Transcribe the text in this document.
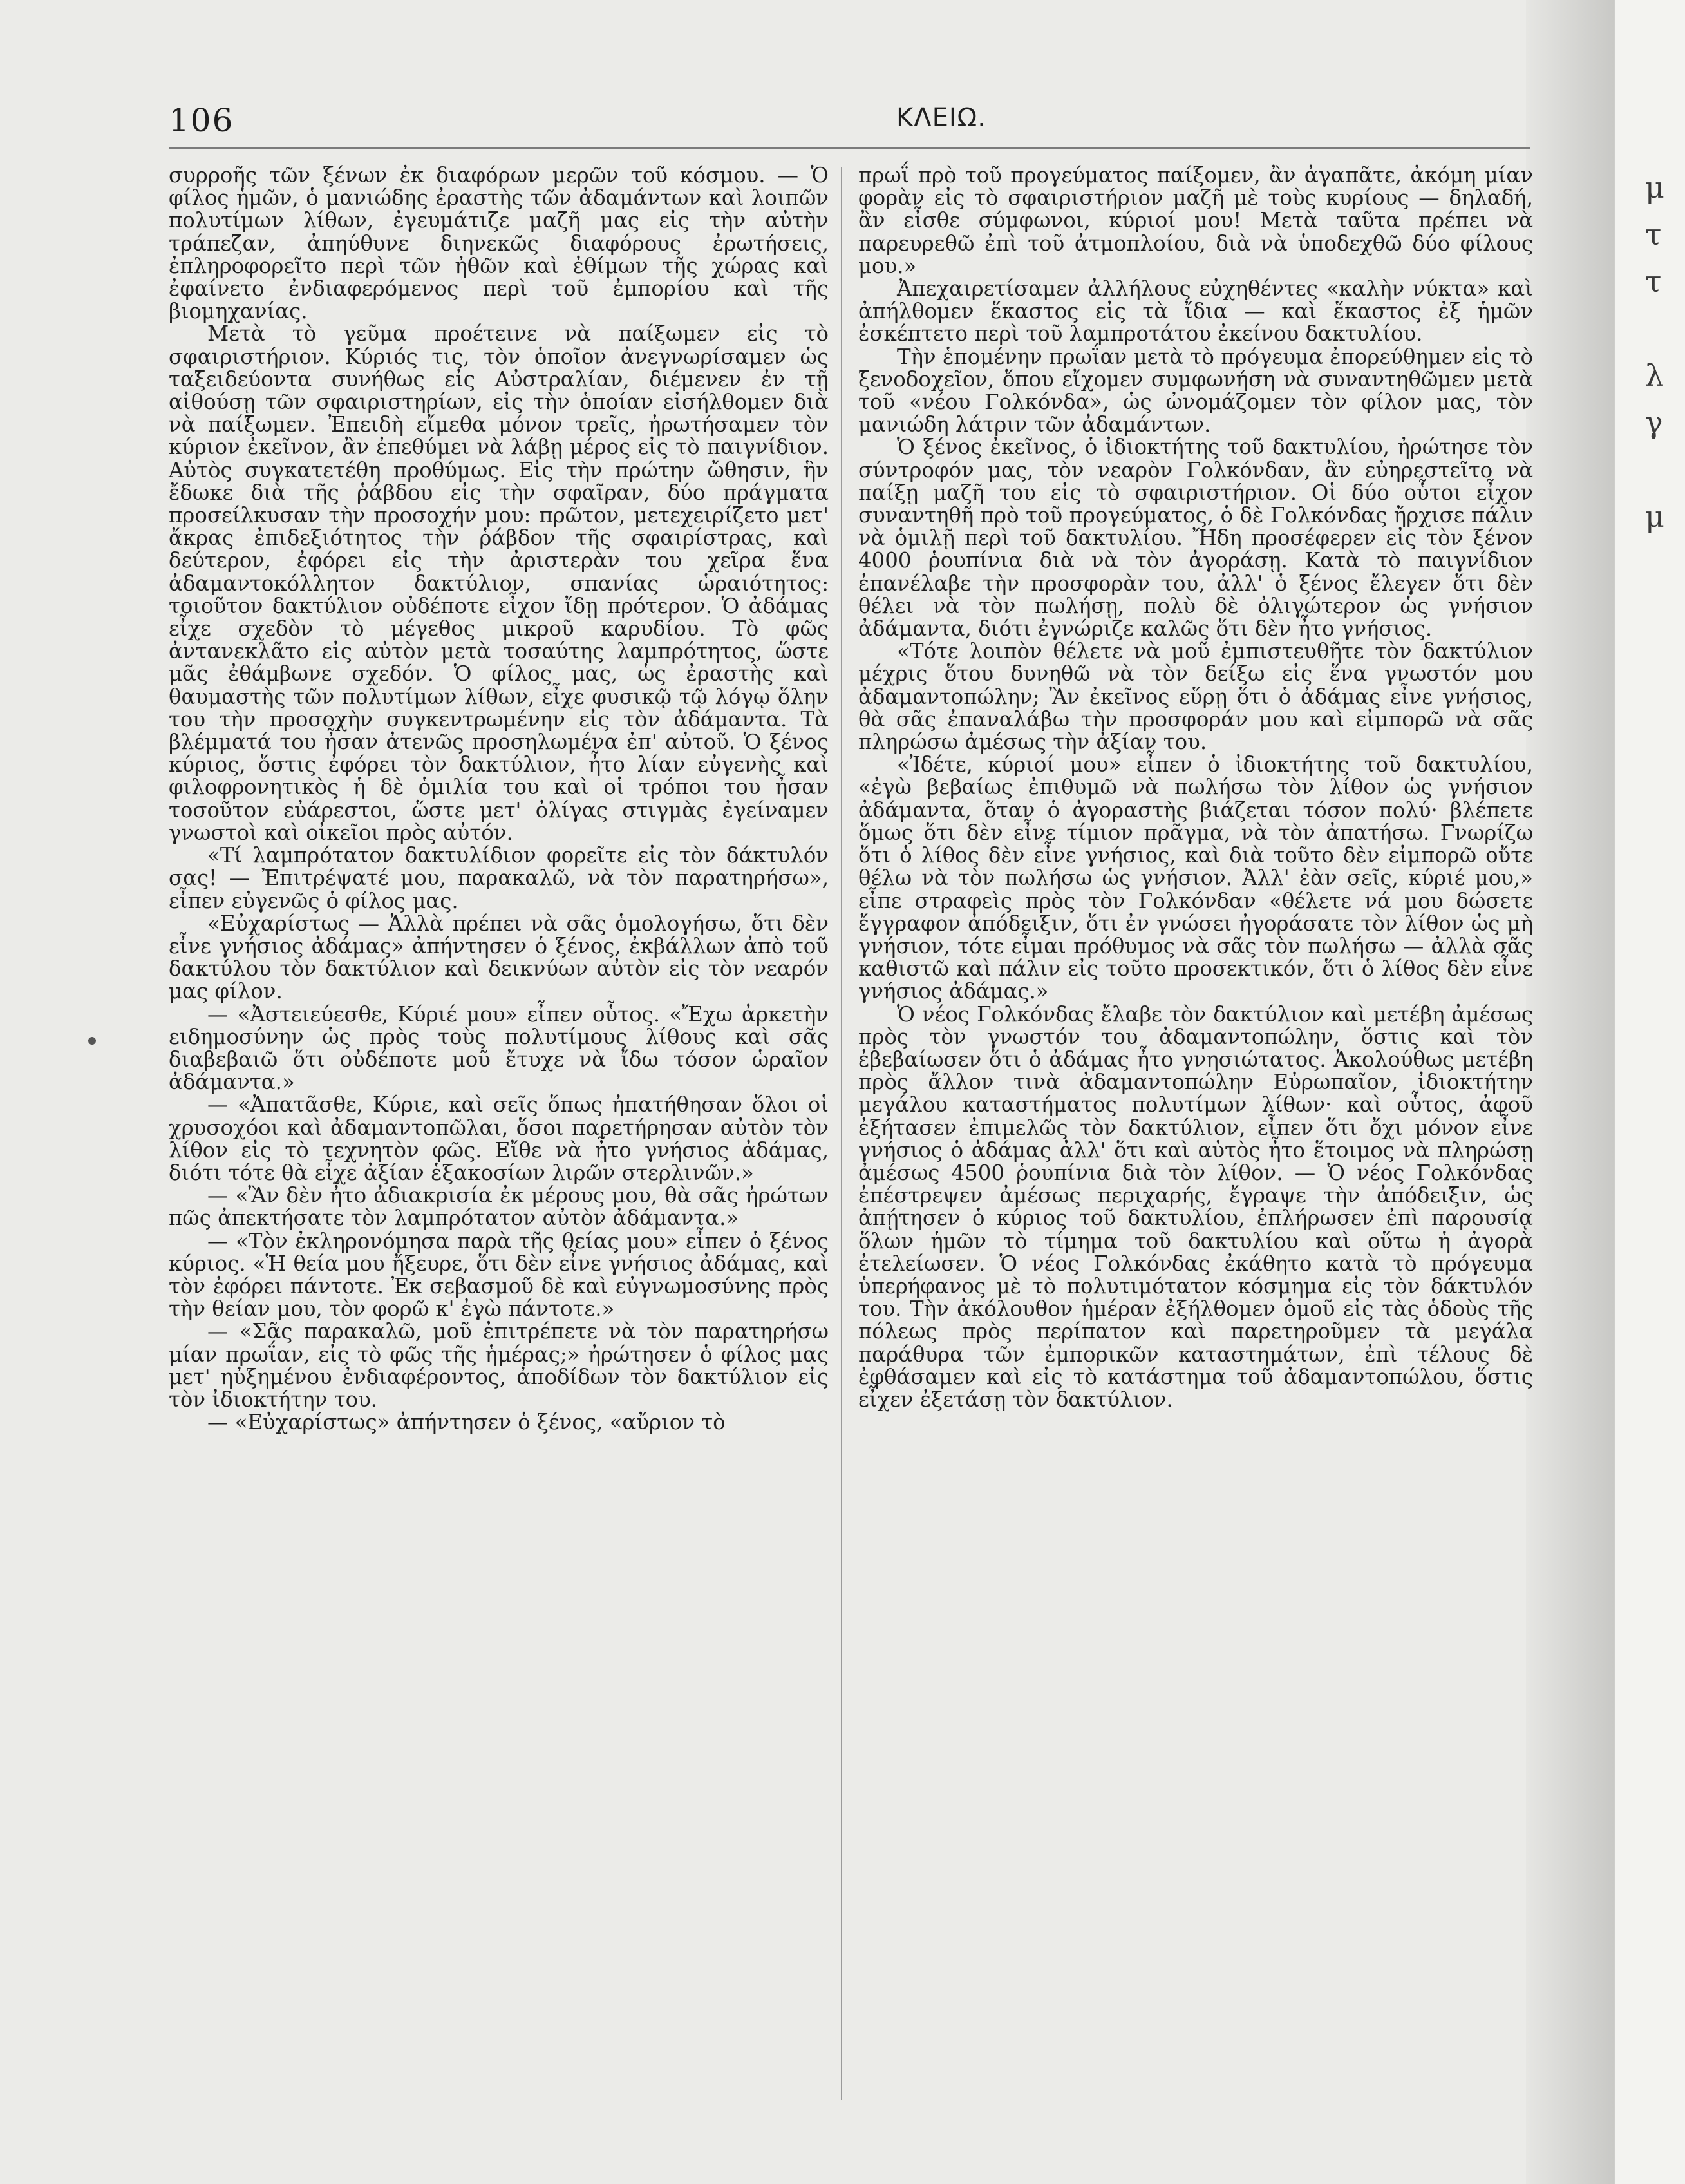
μ
τ
τ

λ
γ

μ
106	ΚΛΕΙΩ.

συρροῆς τῶν ξένων ἐκ διαφόρων μερῶν τοῦ κόσμου. — Ὁ φίλος ἡμῶν, ὁ μανιώδης ἐραστὴς τῶν ἀδαμάντων καὶ λοιπῶν πολυτίμων λίθων, ἐγευμάτιζε μαζῆ μας εἰς τὴν αὐτὴν τράπεζαν, ἀπηύθυνε διηνεκῶς διαφόρους ἐρωτήσεις, ἐπληροφορεῖτο περὶ τῶν ἠθῶν καὶ ἐθίμων τῆς χώρας καὶ ἐφαίνετο ἐνδιαφερόμενος περὶ τοῦ ἐμπορίου καὶ τῆς βιομηχανίας.

Μετὰ τὸ γεῦμα προέτεινε νὰ παίξωμεν εἰς τὸ σφαιριστήριον. Κύριός τις, τὸν ὁποῖον ἀνεγνωρίσαμεν ὡς ταξειδεύοντα συνήθως εἰς Αὐστραλίαν, διέμενεν ἐν τῇ αἰθούσῃ τῶν σφαιριστηρίων, εἰς τὴν ὁποίαν εἰσήλθομεν διὰ νὰ παίξωμεν. Ἐπειδὴ εἴμεθα μόνον τρεῖς, ἠρωτήσαμεν τὸν κύριον ἐκεῖνον, ἂν ἐπεθύμει νὰ λάβῃ μέρος εἰς τὸ παιγνίδιον. Αὐτὸς συγκατετέθη προθύμως. Εἰς τὴν πρώτην ὤθησιν, ἣν ἔδωκε διὰ τῆς ῥάβδου εἰς τὴν σφαῖραν, δύο πράγματα προσείλκυσαν τὴν προσοχήν μου: πρῶτον, μετεχειρίζετο μετ' ἄκρας ἐπιδεξιότητος τὴν ῥάβδον τῆς σφαιρίστρας, καὶ δεύτερον, ἐφόρει εἰς τὴν ἀριστερὰν του χεῖρα ἕνα ἀδαμαντοκόλλητον δακτύλιον, σπανίας ὡραιότητος: τοιοῦτον δακτύλιον οὐδέποτε εἶχον ἴδῃ πρότερον. Ὁ ἀδάμας εἶχε σχεδὸν τὸ μέγεθος μικροῦ καρυδίου. Τὸ φῶς ἀντανεκλᾶτο εἰς αὐτὸν μετὰ τοσαύτης λαμπρότητος, ὥστε μᾶς ἐθάμβωνε σχεδόν. Ὁ φίλος μας, ὡς ἐραστὴς καὶ θαυμαστὴς τῶν πολυτίμων λίθων, εἶχε φυσικῷ τῷ λόγῳ ὅλην του τὴν προσοχὴν συγκεντρωμένην εἰς τὸν ἀδάμαντα. Τὰ βλέμματά του ἦσαν ἀτενῶς προσηλωμένα ἐπ' αὐτοῦ. Ὁ ξένος κύριος, ὅστις ἐφόρει τὸν δακτύλιον, ἦτο λίαν εὐγενὴς καὶ φιλοφρονητικὸς ἡ δὲ ὁμιλία του καὶ οἱ τρόποι του ἦσαν τοσοῦτον εὐάρεστοι, ὥστε μετ' ὀλίγας στιγμὰς ἐγείναμεν γνωστοὶ καὶ οἰκεῖοι πρὸς αὐτόν.

«Τί λαμπρότατον δακτυλίδιον φορεῖτε εἰς τὸν δάκτυλόν σας! — Ἐπιτρέψατέ μου, παρακαλῶ, νὰ τὸν παρατηρήσω», εἶπεν εὐγενῶς ὁ φίλος μας.

«Εὐχαρίστως — Ἀλλὰ πρέπει νὰ σᾶς ὁμολογήσω, ὅτι δὲν εἶνε γνήσιος ἀδάμας» ἀπήντησεν ὁ ξένος, ἐκβάλλων ἀπὸ τοῦ δακτύλου τὸν δακτύλιον καὶ δεικνύων αὐτὸν εἰς τὸν νεαρόν μας φίλον.

— «Ἀστειεύεσθε, Κύριέ μου» εἶπεν οὗτος. «Ἔχω ἀρκετὴν ειδημοσύνην ὡς πρὸς τοὺς πολυτίμους λίθους καὶ σᾶς διαβεβαιῶ ὅτι οὐδέποτε μοῦ ἔτυχε νὰ ἴδω τόσον ὡραῖον ἀδάμαντα.»

— «Ἀπατᾶσθε, Κύριε, καὶ σεῖς ὅπως ἠπατήθησαν ὅλοι οἱ χρυσοχόοι καὶ ἀδαμαντοπῶλαι, ὅσοι παρετήρησαν αὐτὸν τὸν λίθον εἰς τὸ τεχνητὸν φῶς. Εἴθε νὰ ἦτο γνήσιος ἀδάμας, διότι τότε θὰ εἶχε ἀξίαν ἑξακοσίων λιρῶν στερλινῶν.»

— «Ἂν δὲν ἦτο ἀδιακρισία ἐκ μέρους μου, θὰ σᾶς ἠρώτων πῶς ἀπεκτήσατε τὸν λαμπρότατον αὐτὸν ἀδάμαντα.»

— «Τὸν ἐκληρονόμησα παρὰ τῆς θείας μου» εἶπεν ὁ ξένος κύριος. «Ἡ θεία μου ἤξευρε, ὅτι δὲν εἶνε γνήσιος ἀδάμας, καὶ τὸν ἐφόρει πάντοτε. Ἐκ σεβασμοῦ δὲ καὶ εὐγνωμοσύνης πρὸς τὴν θείαν μου, τὸν φορῶ κ' ἐγὼ πάντοτε.»

— «Σᾶς παρακαλῶ, μοῦ ἐπιτρέπετε νὰ τὸν παρατηρήσω μίαν πρωΐαν, εἰς τὸ φῶς τῆς ἡμέρας;» ἠρώτησεν ὁ φίλος μας μετ' ηὐξημένου ἐνδιαφέροντος, ἀποδίδων τὸν δακτύλιον εἰς τὸν ἰδιοκτήτην του.

— «Εὐχαρίστως» ἀπήντησεν ὁ ξένος, «αὔριον τὸ

πρωΐ πρὸ τοῦ προγεύματος παίξομεν, ἂν ἀγαπᾶτε, ἀκόμη μίαν φορὰν εἰς τὸ σφαιριστήριον μαζῆ μὲ τοὺς κυρίους — δηλαδή, ἂν εἶσθε σύμφωνοι, κύριοί μου! Μετὰ ταῦτα πρέπει νὰ παρευρεθῶ ἐπὶ τοῦ ἀτμοπλοίου, διὰ νὰ ὑποδεχθῶ δύο φίλους μου.»

Ἀπεχαιρετίσαμεν ἀλλήλους εὐχηθέντες «καλὴν νύκτα» καὶ ἀπήλθομεν ἕκαστος εἰς τὰ ἴδια — καὶ ἕκαστος ἐξ ἡμῶν ἐσκέπτετο περὶ τοῦ λαμπροτάτου ἐκείνου δακτυλίου.

Τὴν ἑπομένην πρωΐαν μετὰ τὸ πρόγευμα ἐπορεύθημεν εἰς τὸ ξενοδοχεῖον, ὅπου εἴχομεν συμφωνήση νὰ συναντηθῶμεν μετὰ τοῦ «νέου Γολκόνδα», ὡς ὠνομάζομεν τὸν φίλον μας, τὸν μανιώδη λάτριν τῶν ἀδαμάντων.

Ὁ ξένος ἐκεῖνος, ὁ ἰδιοκτήτης τοῦ δακτυλίου, ἠρώτησε τὸν σύντροφόν μας, τὸν νεαρὸν Γολκόνδαν, ἂν εὐηρεστεῖτο νὰ παίξῃ μαζῆ του εἰς τὸ σφαιριστήριον. Οἱ δύο οὗτοι εἶχον συναντηθῆ πρὸ τοῦ προγεύματος, ὁ δὲ Γολκόνδας ἤρχισε πάλιν νὰ ὁμιλῇ περὶ τοῦ δακτυλίου. Ἤδη προσέφερεν εἰς τὸν ξένον 4000 ῥουπίνια διὰ νὰ τὸν ἀγοράσῃ. Κατὰ τὸ παιγνίδιον ἐπανέλαβε τὴν προσφορὰν του, ἀλλ' ὁ ξένος ἔλεγεν ὅτι δὲν θέλει νὰ τὸν πωλήσῃ, πολὺ δὲ ὀλιγώτερον ὡς γνήσιον ἀδάμαντα, διότι ἐγνώριζε καλῶς ὅτι δὲν ἦτο γνήσιος.

«Τότε λοιπὸν θέλετε νὰ μοῦ ἐμπιστευθῆτε τὸν δακτύλιον μέχρις ὅτου δυνηθῶ νὰ τὸν δείξω εἰς ἕνα γνωστόν μου ἀδαμαντοπώλην; Ἂν ἐκεῖνος εὕρῃ ὅτι ὁ ἀδάμας εἶνε γνήσιος, θὰ σᾶς ἐπαναλάβω τὴν προσφοράν μου καὶ εἰμπορῶ νὰ σᾶς πληρώσω ἀμέσως τὴν ἀξίαν του.

«Ἰδέτε, κύριοί μου» εἶπεν ὁ ἰδιοκτήτης τοῦ δακτυλίου, «ἐγὼ βεβαίως ἐπιθυμῶ νὰ πωλήσω τὸν λίθον ὡς γνήσιον ἀδάμαντα, ὅταν ὁ ἀγοραστὴς βιάζεται τόσον πολύ· βλέπετε ὅμως ὅτι δὲν εἶνε τίμιον πρᾶγμα, νὰ τὸν ἀπατήσω. Γνωρίζω ὅτι ὁ λίθος δὲν εἶνε γνήσιος, καὶ διὰ τοῦτο δὲν εἰμπορῶ οὔτε θέλω νὰ τὸν πωλήσω ὡς γνήσιον. Ἀλλ' ἐὰν σεῖς, κύριέ μου,» εἶπε στραφεὶς πρὸς τὸν Γολκόνδαν «θέλετε νά μου δώσετε ἔγγραφον ἀπόδειξιν, ὅτι ἐν γνώσει ἠγοράσατε τὸν λίθον ὡς μὴ γνήσιον, τότε εἶμαι πρόθυμος νὰ σᾶς τὸν πωλήσω — ἀλλὰ σᾶς καθιστῶ καὶ πάλιν εἰς τοῦτο προσεκτικόν, ὅτι ὁ λίθος δὲν εἶνε γνήσιος ἀδάμας.»

Ὁ νέος Γολκόνδας ἔλαβε τὸν δακτύλιον καὶ μετέβη ἀμέσως πρὸς τὸν γνωστόν του ἀδαμαντοπώλην, ὅστις καὶ τὸν ἐβεβαίωσεν ὅτι ὁ ἀδάμας ἦτο γνησιώτατος. Ἀκολούθως μετέβη πρὸς ἄλλον τινὰ ἀδαμαντοπώλην Εὐρωπαῖον, ἰδιοκτήτην μεγάλου καταστήματος πολυτίμων λίθων· καὶ οὗτος, ἀφοῦ ἐξήτασεν ἐπιμελῶς τὸν δακτύλιον, εἶπεν ὅτι ὄχι μόνον εἶνε γνήσιος ὁ ἀδάμας ἀλλ' ὅτι καὶ αὐτὸς ἦτο ἕτοιμος νὰ πληρώσῃ ἀμέσως 4500 ῥουπίνια διὰ τὸν λίθον. — Ὁ νέος Γολκόνδας ἐπέστρεψεν ἀμέσως περιχαρής, ἔγραψε τὴν ἀπόδειξιν, ὡς ἀπῄτησεν ὁ κύριος τοῦ δακτυλίου, ἐπλήρωσεν ἐπὶ παρουσίᾳ ὅλων ἡμῶν τὸ τίμημα τοῦ δακτυλίου καὶ οὕτω ἡ ἀγορὰ ἐτελείωσεν. Ὁ νέος Γολκόνδας ἐκάθητο κατὰ τὸ πρόγευμα ὑπερήφανος μὲ τὸ πολυτιμότατον κόσμημα εἰς τὸν δάκτυλόν του. Τὴν ἀκόλουθον ἡμέραν ἐξήλθομεν ὁμοῦ εἰς τὰς ὁδοὺς τῆς πόλεως πρὸς περίπατον καὶ παρετηροῦμεν τὰ μεγάλα παράθυρα τῶν ἐμπορικῶν καταστημάτων, ἐπὶ τέλους δὲ ἐφθάσαμεν καὶ εἰς τὸ κατάστημα τοῦ ἀδαμαντοπώλου, ὅστις εἶχεν ἐξετάσῃ τὸν δακτύλιον.
